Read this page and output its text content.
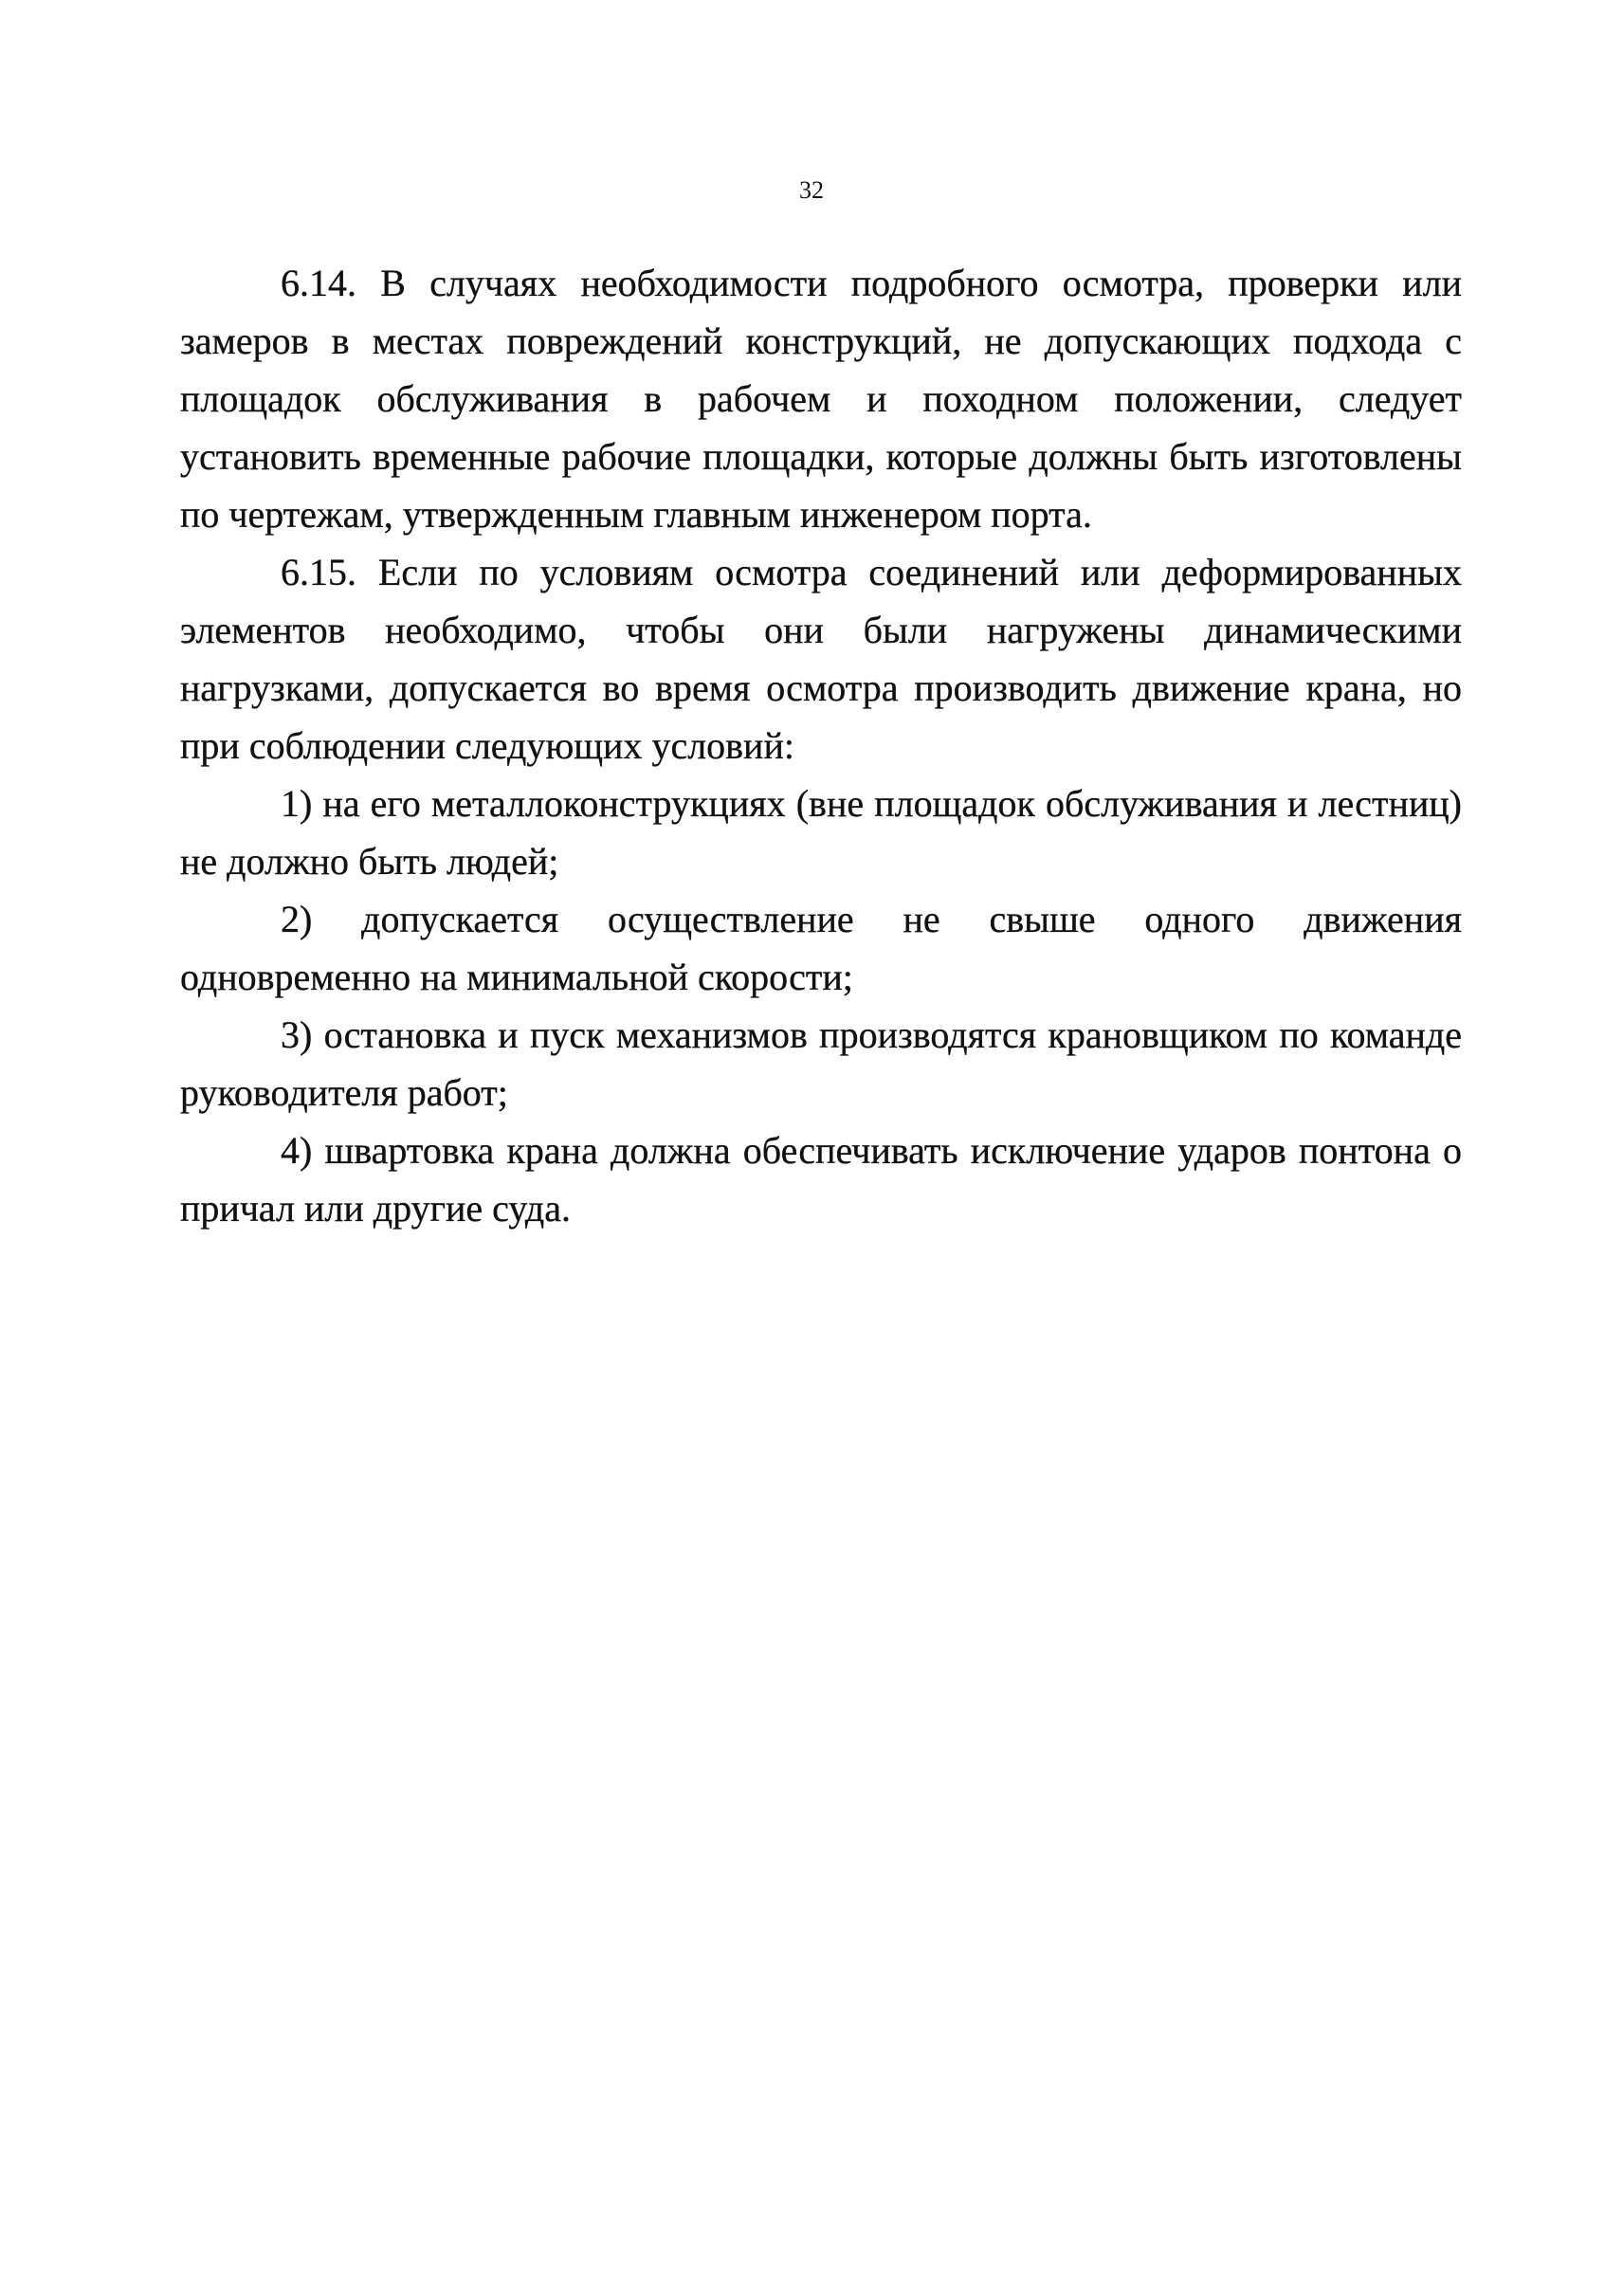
32

6.14. В случаях необходимости подробного осмотра, проверки или замеров в местах повреждений конструкций, не допускающих подхода с площадок обслуживания в рабочем и походном положении, следует установить временные рабочие площадки, которые должны быть изготовлены по чертежам, утвержденным главным инженером порта.

6.15. Если по условиям осмотра соединений или деформированных элементов необходимо, чтобы они были нагружены динамическими нагрузками, допускается во время осмотра производить движение крана, но при соблюдении следующих условий:

1) на его металлоконструкциях (вне площадок обслуживания и лестниц) не должно быть людей;

2) допускается осуществление не свыше одного движения одновременно на минимальной скорости;

3) остановка и пуск механизмов производятся крановщиком по команде руководителя работ;

4) швартовка крана должна обеспечивать исключение ударов понтона о причал или другие суда.
